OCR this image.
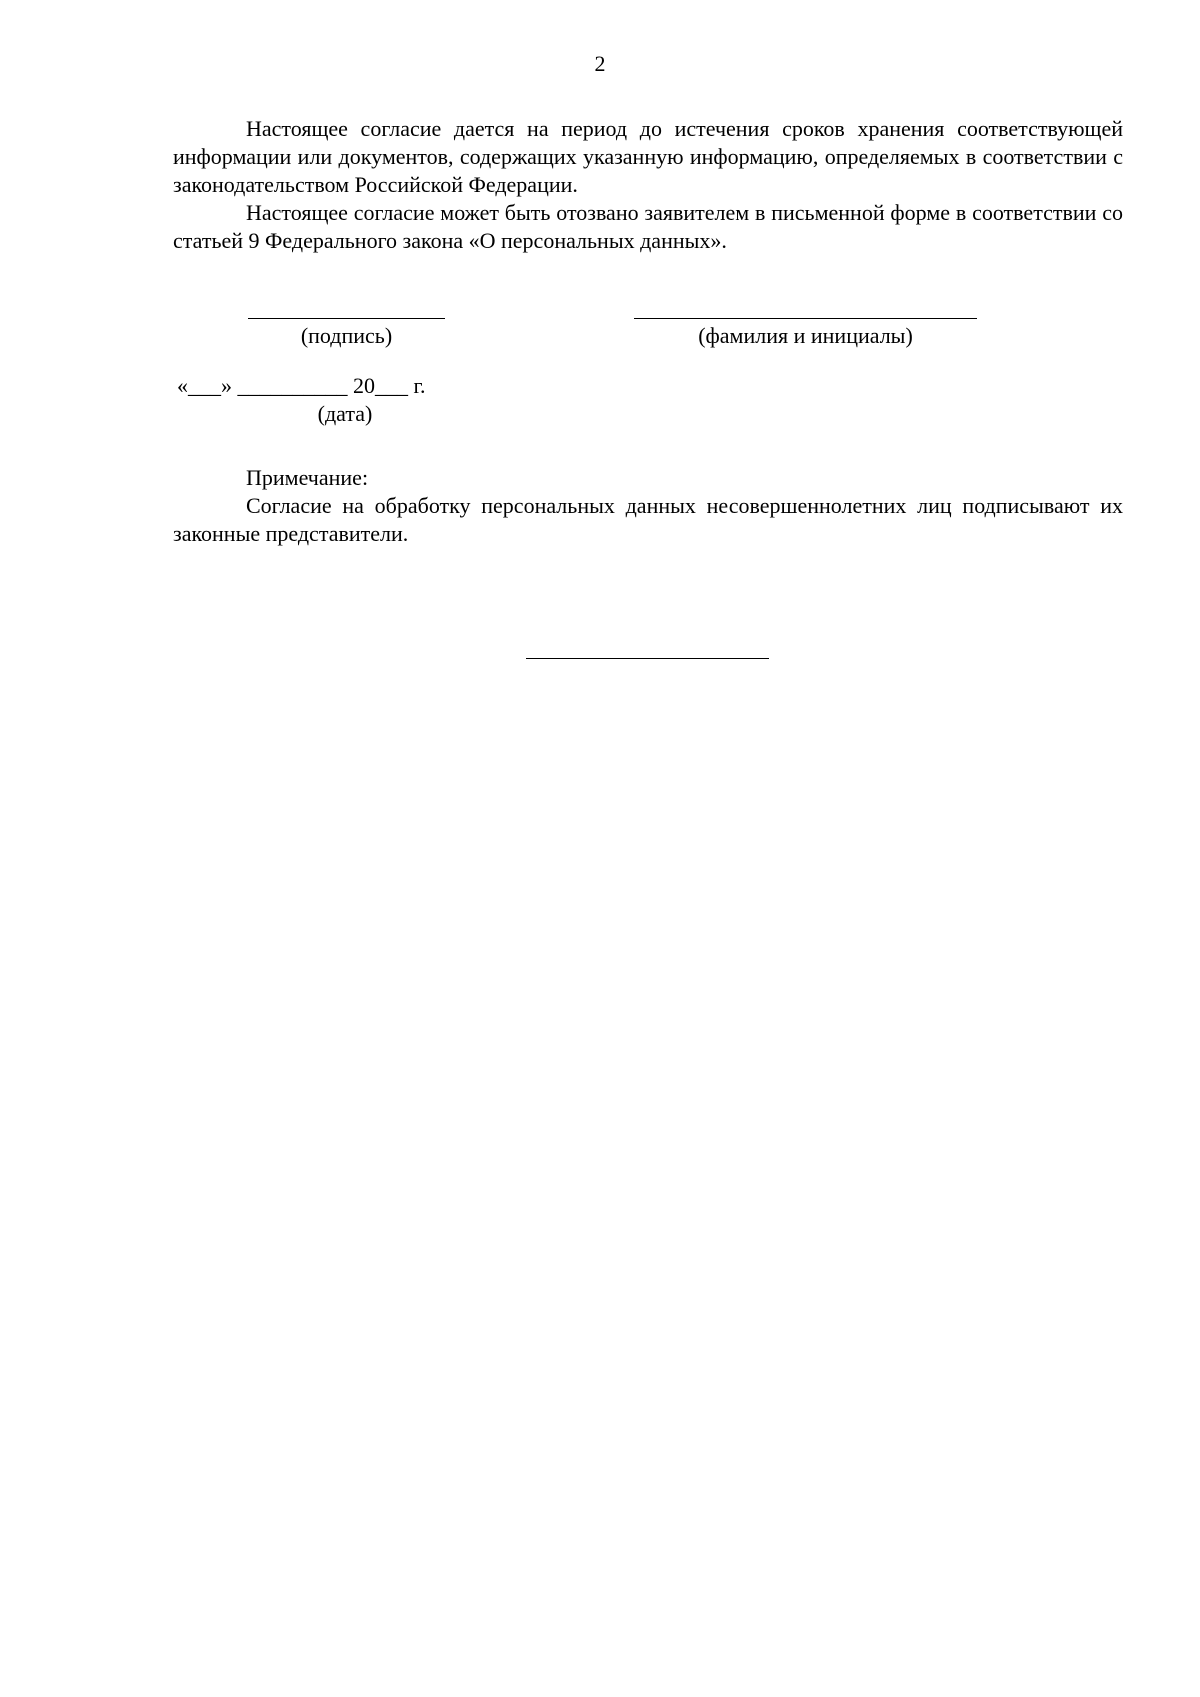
2

Настоящее согласие дается на период до истечения сроков хранения соответствующей информации или документов, содержащих указанную информацию, определяемых в соответствии с законодательством Российской Федерации.

Настоящее согласие может быть отозвано заявителем в письменной форме в соответствии со статьей 9 Федерального закона «О персональных данных».

(подпись)	(фамилия и инициалы)
«___» __________ 20___ г.
(дата)
Примечание:

Согласие на обработку персональных данных несовершеннолетних лиц подписывают их законные представители.
